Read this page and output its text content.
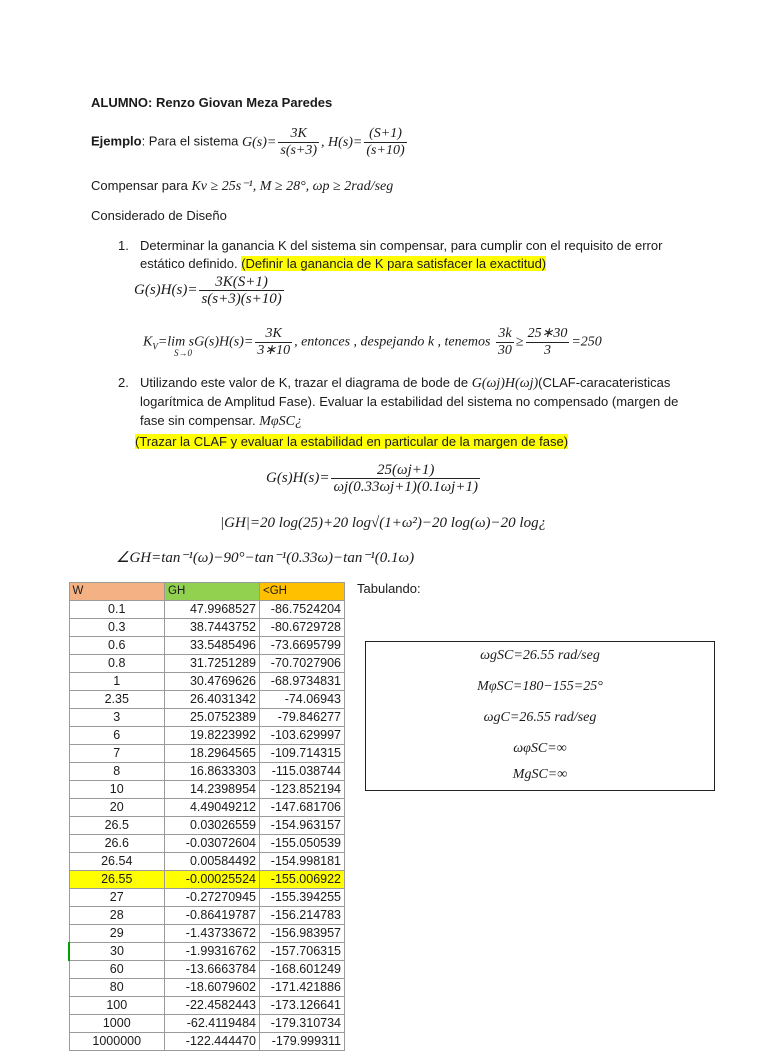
ALUMNO: Renzo Giovan Meza Paredes
Ejemplo: Para el sistema $G(s)= \frac{3K}{s(s+3)}$ , $H(s)= \frac{(S+1)}{(s+10)}$
Compensar para Kv ≥ 25s⁻¹, M ≥ 28°, ωp ≥ 2rad/seg
Considerado de Diseño
1. Determinar la ganancia K del sistema sin compensar, para cumplir con el requisito de error
estático definido. (Definir la ganancia de K para satisfacer la exactitud)
$G(s)H(s)= \frac{3K(S+1)}{s(s+3)(s+10)}$
$K_V=\lim$ $sG(s)H(s)= \frac{3K}{3∗10}$ , entonces , despejando k , tenemos $\frac{3k}{30} \ge \frac{25∗30}{3} =250$
S→0
2. Utilizando este valor de K, trazar el diagrama de bode de G(ωj)H(ωj)(CLAF-caracateristicas
logarítmica de Amplitud Fase). Evaluar la estabilidad del sistema no compensado (margen de
fase sin compensar. MφSC¿
(Trazar la CLAF y evaluar la estabilidad en particular de la margen de fase)
$G(s)H(s)= \frac{25(\omega j+1)}{\omega j(0.33\omega j+1)(0.1\omega j+1)}$
|GH|=20 log(25)+20 log√(1+ω²)−20 log(ω)−20 log¿
∠GH=tan⁻¹(ω)−90°−tan⁻¹(0.33ω)−tan⁻¹(0.1ω)
W	GH	<GH
0.1	47.9968527	-86.7524204
0.3	38.7443752	-80.6729728
0.6	33.5485496	-73.6695799
0.8	31.7251289	-70.7027906
1	30.4769626	-68.9734831
2.35	26.4031342	-74.06943
3	25.0752389	-79.846277
6	19.8223992	-103.629997
7	18.2964565	-109.714315
8	16.8633303	-115.038744
10	14.2398954	-123.852194
20	4.49049212	-147.681706
26.5	0.03026559	-154.963157
26.6	-0.03072604	-155.050539
26.54	0.00584492	-154.998181
26.55	-0.00025524	-155.006922
27	-0.27270945	-155.394255
28	-0.86419787	-156.214783
29	-1.43733672	-156.983957
30	-1.99316762	-157.706315
60	-13.6663784	-168.601249
80	-18.6079602	-171.421886
100	-22.4582443	-173.126641
1000	-62.4119484	-179.310734
1000000	-122.444470	-179.999311
Tabulando:
ωgSC=26.55 rad/seg
MφSC=180−155=25°
ωgC=26.55 rad/seg
ωφSC=∞
MgSC=∞
